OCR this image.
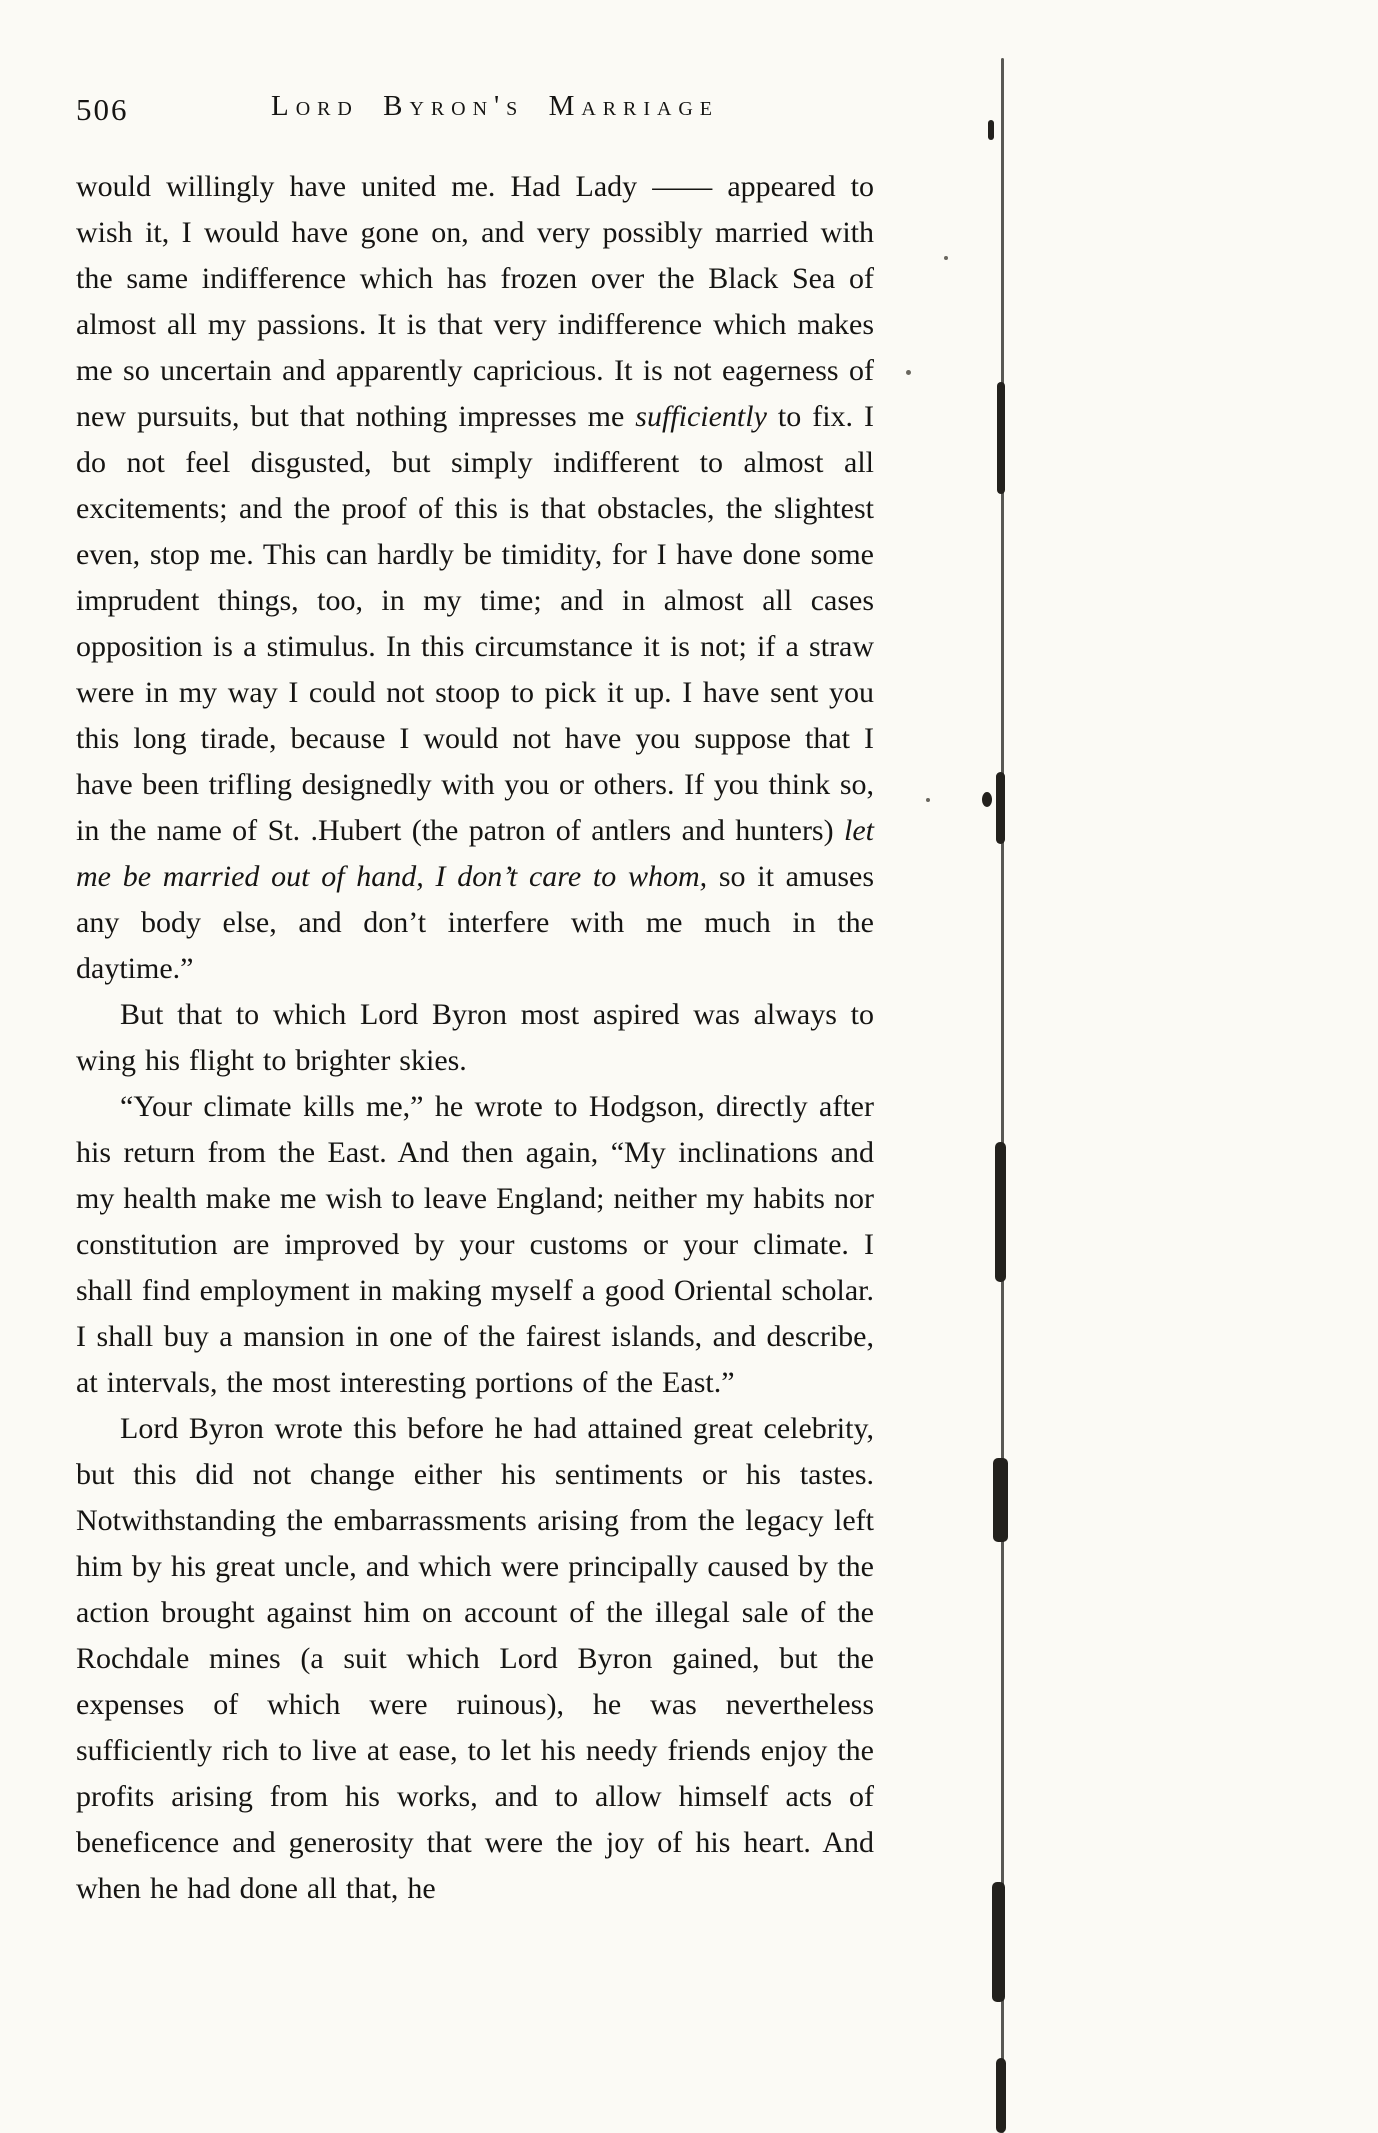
506	Lord Byron's Marriage

would willingly have united me. Had Lady —— appeared to wish it, I would have gone on, and very possibly married with the same indifference which has frozen over the Black Sea of almost all my passions. It is that very indifference which makes me so uncertain and apparently capricious. It is not eagerness of new pursuits, but that nothing impresses me sufficiently to fix. I do not feel disgusted, but simply indifferent to almost all excitements; and the proof of this is that obstacles, the slightest even, stop me. This can hardly be timidity, for I have done some imprudent things, too, in my time; and in almost all cases opposition is a stimulus. In this circumstance it is not; if a straw were in my way I could not stoop to pick it up. I have sent you this long tirade, because I would not have you suppose that I have been trifling designedly with you or others. If you think so, in the name of St. .Hubert (the patron of antlers and hunters) let me be married out of hand, I don’t care to whom, so it amuses any body else, and don’t interfere with me much in the daytime.”

But that to which Lord Byron most aspired was always to wing his flight to brighter skies.

“Your climate kills me,” he wrote to Hodgson, directly after his return from the East. And then again, “My inclinations and my health make me wish to leave England; neither my habits nor constitution are improved by your customs or your climate. I shall find employment in making myself a good Oriental scholar. I shall buy a mansion in one of the fairest islands, and describe, at intervals, the most interesting portions of the East.”

Lord Byron wrote this before he had attained great celebrity, but this did not change either his sentiments or his tastes. Notwithstanding the embarrassments arising from the legacy left him by his great uncle, and which were principally caused by the action brought against him on account of the illegal sale of the Rochdale mines (a suit which Lord Byron gained, but the expenses of which were ruinous), he was nevertheless sufficiently rich to live at ease, to let his needy friends enjoy the profits arising from his works, and to allow himself acts of beneficence and generosity that were the joy of his heart. And when he had done all that, he
